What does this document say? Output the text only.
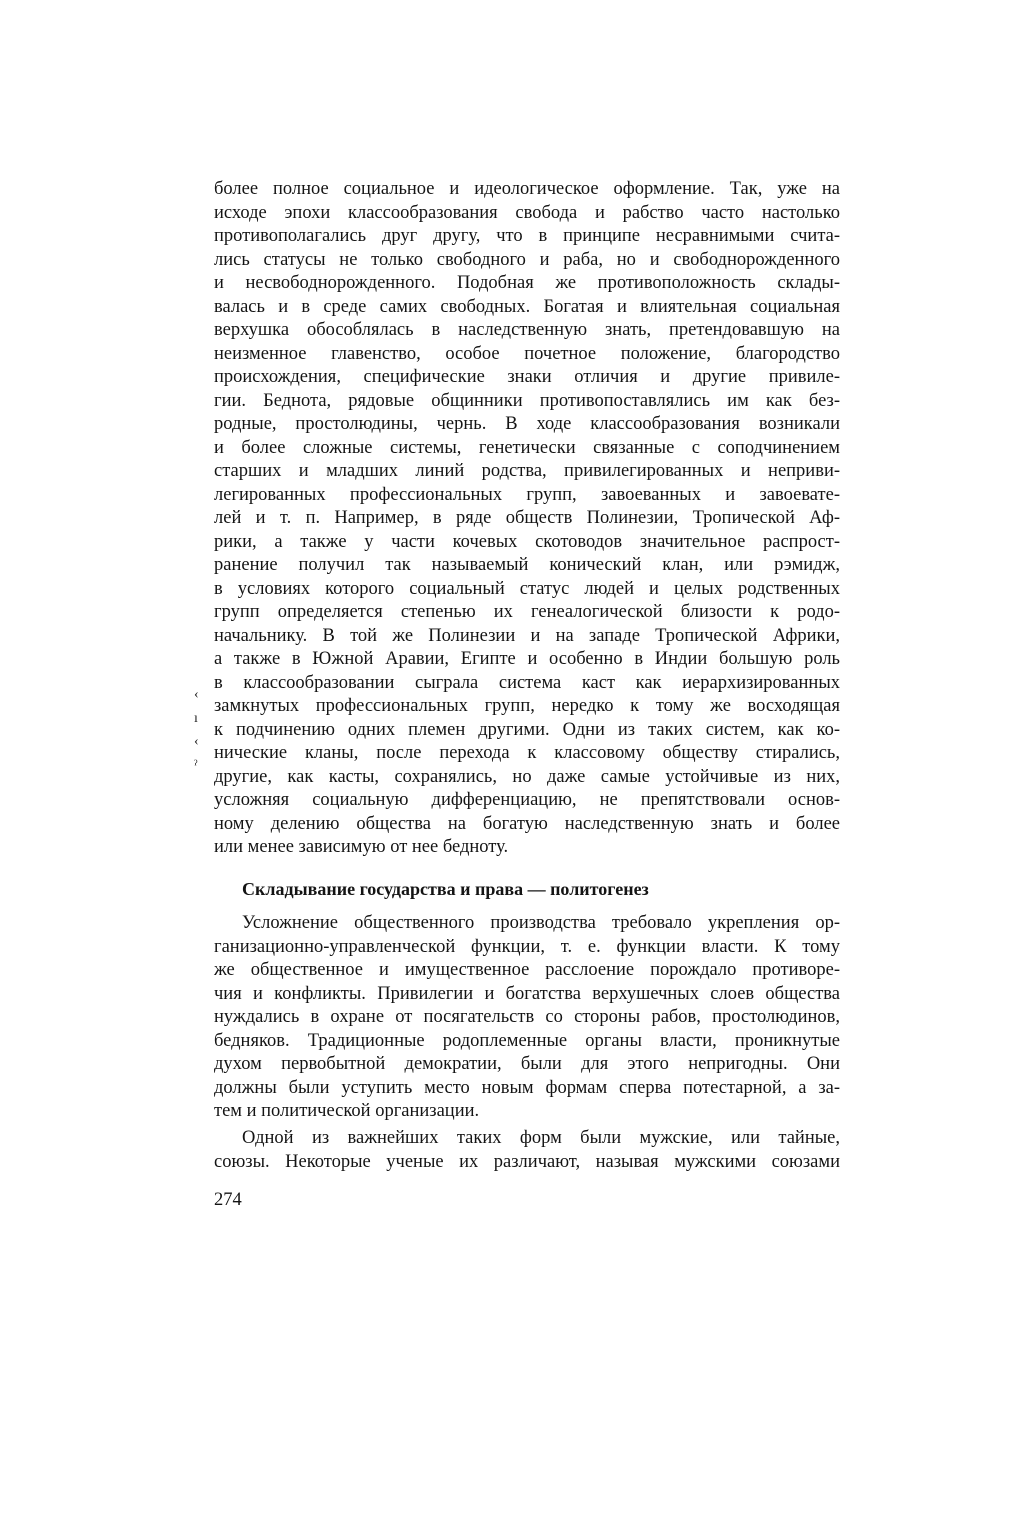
‹
ı
‹
ˀ
более полное социальное и идеологическое оформление. Так, уже на
исходе эпохи классообразования свобода и рабство часто настолько
противополагались друг другу, что в принципе несравнимыми счита-
лись статусы не только свободного и раба, но и свободнорожденного
и несвободнорожденного. Подобная же противоположность склады-
валась и в среде самих свободных. Богатая и влиятельная социальная
верхушка обособлялась в наследственную знать, претендовавшую на
неизменное главенство, особое почетное положение, благородство
происхождения, специфические знаки отличия и другие привиле-
гии. Беднота, рядовые общинники противопоставлялись им как без-
родные, простолюдины, чернь. В ходе классообразования возникали
и более сложные системы, генетически связанные с соподчинением
старших и младших линий родства, привилегированных и неприви-
легированных профессиональных групп, завоеванных и завоевате-
лей и т. п. Например, в ряде обществ Полинезии, Тропической Аф-
рики, а также у части кочевых скотоводов значительное распрост-
ранение получил так называемый конический клан, или рэмидж,
в условиях которого социальный статус людей и целых родственных
групп определяется степенью их генеалогической близости к родо-
начальнику. В той же Полинезии и на западе Тропической Африки,
а также в Южной Аравии, Египте и особенно в Индии большую роль
в классообразовании сыграла система каст как иерархизированных
замкнутых профессиональных групп, нередко к тому же восходящая
к подчинению одних племен другими. Одни из таких систем, как ко-
нические кланы, после перехода к классовому обществу стирались,
другие, как касты, сохранялись, но даже самые устойчивые из них,
усложняя социальную дифференциацию, не препятствовали основ-
ному делению общества на богатую наследственную знать и более
или менее зависимую от нее бедноту.
Складывание государства и права — политогенез
Усложнение общественного производства требовало укрепления ор-
ганизационно-управленческой функции, т. е. функции власти. К тому
же общественное и имущественное расслоение порождало противоре-
чия и конфликты. Привилегии и богатства верхушечных слоев общества
нуждались в охране от посягательств со стороны рабов, простолюдинов,
бедняков. Традиционные родоплеменные органы власти, проникнутые
духом первобытной демократии, были для этого непригодны. Они
должны были уступить место новым формам сперва потестарной, а за-
тем и политической организации.
Одной из важнейших таких форм были мужские, или тайные,
союзы. Некоторые ученые их различают, называя мужскими союзами
274
